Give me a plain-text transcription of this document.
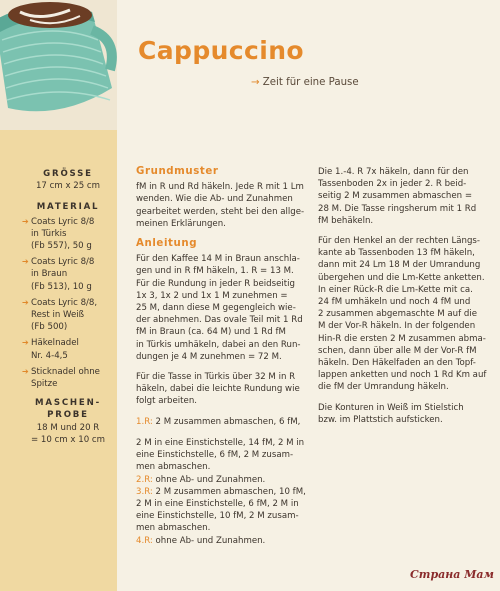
GRÖSSE

17 cm x 25 cm

MATERIAL

➔ Coats Lyric 8/8
in Türkis
(Fb 557), 50 g
➔ Coats Lyric 8/8
in Braun
(Fb 513), 10 g
➔ Coats Lyric 8/8,
Rest in Weiß
(Fb 500)
➔ Häkelnadel
Nr. 4-4,5
➔ Sticknadel ohne
Spitze

MASCHEN-

PROBE

18 M und 20 R

= 10 cm x 10 cm

Cappuccino
→ Zeit für eine Pause

Grundmuster

fM in R und Rd häkeln. Jede R mit 1 Lm

wenden. Wie die Ab- und Zunahmen

gearbeitet werden, steht bei den allge-

meinen Erklärungen.

Anleitung

Für den Kaffee 14 M in Braun anschla-

gen und in R fM häkeln, 1. R = 13 M.

Für die Rundung in jeder R beidseitig

1x 3, 1x 2 und 1x 1 M zunehmen =

25 M, dann diese M gegengleich wie-

der abnehmen. Das ovale Teil mit 1 Rd

fM in Braun (ca. 64 M) und 1 Rd fM

in Türkis umhäkeln, dabei an den Run-

dungen je 4 M zunehmen = 72 M.

Für die Tasse in Türkis über 32 M in R

häkeln, dabei die leichte Rundung wie

folgt arbeiten.

1.R: 2 M zusammen abmaschen, 6 fM,

2 M in eine Einstichstelle, 14 fM, 2 M in

eine Einstichstelle, 6 fM, 2 M zusam-

men abmaschen.

2.R: ohne Ab- und Zunahmen.

3.R: 2 M zusammen abmaschen, 10 fM,

2 M in eine Einstichstelle, 6 fM, 2 M in

eine Einstichstelle, 10 fM, 2 M zusam-

men abmaschen.

4.R: ohne Ab- und Zunahmen.

Die 1.-4. R 7x häkeln, dann für den

Tassenboden 2x in jeder 2. R beid-

seitig 2 M zusammen abmaschen =

28 M. Die Tasse ringsherum mit 1 Rd

fM behäkeln.

Für den Henkel an der rechten Längs-

kante ab Tassenboden 13 fM häkeln,

dann mit 24 Lm 18 M der Umrandung

übergehen und die Lm-Kette anketten.

In einer Rück-R die Lm-Kette mit ca.

24 fM umhäkeln und noch 4 fM und

2 zusammen abgemaschte M auf die

M der Vor-R häkeln. In der folgenden

Hin-R die ersten 2 M zusammen abma-

schen, dann über alle M der Vor-R fM

häkeln. Den Häkelfaden an den Topf-

lappen anketten und noch 1 Rd Km auf

die fM der Umrandung häkeln.

Die Konturen in Weiß im Stielstich

bzw. im Plattstich aufsticken.

Страна Мам
